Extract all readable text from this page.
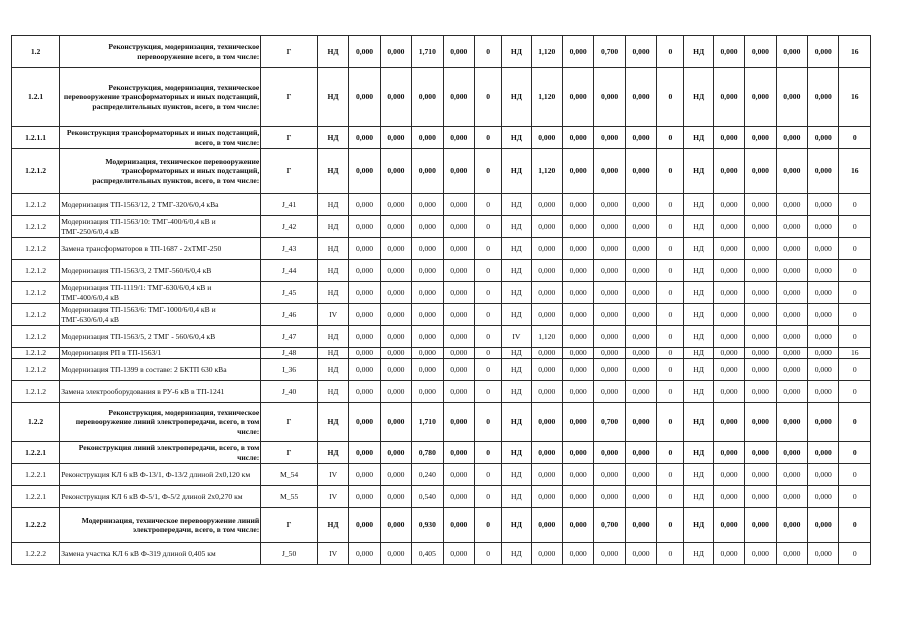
1.2	Реконструкция, модернизация, техническое перевооружение всего, в том числе:	Г	НД	0,000	0,000	1,710	0,000	0	НД	1,120	0,000	0,700	0,000	0	НД	0,000	0,000	0,000	0,000	16
1.2.1	Реконструкция, модернизация, техническое перевооружение трансформаторных и иных подстанций, распределительных пунктов, всего, в том числе:	Г	НД	0,000	0,000	0,000	0,000	0	НД	1,120	0,000	0,000	0,000	0	НД	0,000	0,000	0,000	0,000	16
1.2.1.1	Реконструкция трансформаторных и иных подстанций, всего, в том числе:	Г	НД	0,000	0,000	0,000	0,000	0	НД	0,000	0,000	0,000	0,000	0	НД	0,000	0,000	0,000	0,000	0
1.2.1.2	Модернизация, техническое перевооружение трансформаторных и иных подстанций, распределительных пунктов, всего, в том числе:	Г	НД	0,000	0,000	0,000	0,000	0	НД	1,120	0,000	0,000	0,000	0	НД	0,000	0,000	0,000	0,000	16
1.2.1.2	Модернизация ТП-1563/12, 2 ТМГ-320/6/0,4 кВа	J_41	НД	0,000	0,000	0,000	0,000	0	НД	0,000	0,000	0,000	0,000	0	НД	0,000	0,000	0,000	0,000	0
1.2.1.2	Модернизация ТП-1563/10: ТМГ-400/6/0,4 кВ и ТМГ-250/6/0,4 кВ	J_42	НД	0,000	0,000	0,000	0,000	0	НД	0,000	0,000	0,000	0,000	0	НД	0,000	0,000	0,000	0,000	0
1.2.1.2	Замена трансформаторов в ТП-1687 - 2хТМГ-250	J_43	НД	0,000	0,000	0,000	0,000	0	НД	0,000	0,000	0,000	0,000	0	НД	0,000	0,000	0,000	0,000	0
1.2.1.2	Модернизация ТП-1563/3, 2 ТМГ-560/6/0,4 кВ	J_44	НД	0,000	0,000	0,000	0,000	0	НД	0,000	0,000	0,000	0,000	0	НД	0,000	0,000	0,000	0,000	0
1.2.1.2	Модернизация ТП-1119/1: ТМГ-630/6/0,4 кВ и ТМГ-400/6/0,4 кВ	J_45	НД	0,000	0,000	0,000	0,000	0	НД	0,000	0,000	0,000	0,000	0	НД	0,000	0,000	0,000	0,000	0
1.2.1.2	Модернизация ТП-1563/6: ТМГ-1000/6/0,4 кВ и ТМГ-630/6/0,4 кВ	J_46	IV	0,000	0,000	0,000	0,000	0	НД	0,000	0,000	0,000	0,000	0	НД	0,000	0,000	0,000	0,000	0
1.2.1.2	Модернизация ТП-1563/5, 2 ТМГ - 560/6/0,4 кВ	J_47	НД	0,000	0,000	0,000	0,000	0	IV	1,120	0,000	0,000	0,000	0	НД	0,000	0,000	0,000	0,000	0
1.2.1.2	Модернизация РП в ТП-1563/1	J_48	НД	0,000	0,000	0,000	0,000	0	НД	0,000	0,000	0,000	0,000	0	НД	0,000	0,000	0,000	0,000	16
1.2.1.2	Модернизация ТП-1399 в составе: 2 БКТП 630 кВа	I_36	НД	0,000	0,000	0,000	0,000	0	НД	0,000	0,000	0,000	0,000	0	НД	0,000	0,000	0,000	0,000	0
1.2.1.2	Замена электрооборудования в РУ-6 кВ в ТП-1241	J_40	НД	0,000	0,000	0,000	0,000	0	НД	0,000	0,000	0,000	0,000	0	НД	0,000	0,000	0,000	0,000	0
1.2.2	Реконструкция, модернизация, техническое перевооружение линий электропередачи, всего, в том числе:	Г	НД	0,000	0,000	1,710	0,000	0	НД	0,000	0,000	0,700	0,000	0	НД	0,000	0,000	0,000	0,000	0
1.2.2.1	Реконструкция линий электропередачи, всего, в том числе:	Г	НД	0,000	0,000	0,780	0,000	0	НД	0,000	0,000	0,000	0,000	0	НД	0,000	0,000	0,000	0,000	0
1.2.2.1	Реконструкция КЛ 6 кВ Ф-13/1, Ф-13/2 длиной 2х0,120 км	M_54	IV	0,000	0,000	0,240	0,000	0	НД	0,000	0,000	0,000	0,000	0	НД	0,000	0,000	0,000	0,000	0
1.2.2.1	Реконструкция КЛ 6 кВ Ф-5/1, Ф-5/2 длиной 2х0,270 км	M_55	IV	0,000	0,000	0,540	0,000	0	НД	0,000	0,000	0,000	0,000	0	НД	0,000	0,000	0,000	0,000	0
1.2.2.2	Модернизация, техническое перевооружение линий электропередачи, всего, в том числе:	Г	НД	0,000	0,000	0,930	0,000	0	НД	0,000	0,000	0,700	0,000	0	НД	0,000	0,000	0,000	0,000	0
1.2.2.2	Замена участка КЛ 6 кВ Ф-319 длиной 0,405 км	J_50	IV	0,000	0,000	0,405	0,000	0	НД	0,000	0,000	0,000	0,000	0	НД	0,000	0,000	0,000	0,000	0
